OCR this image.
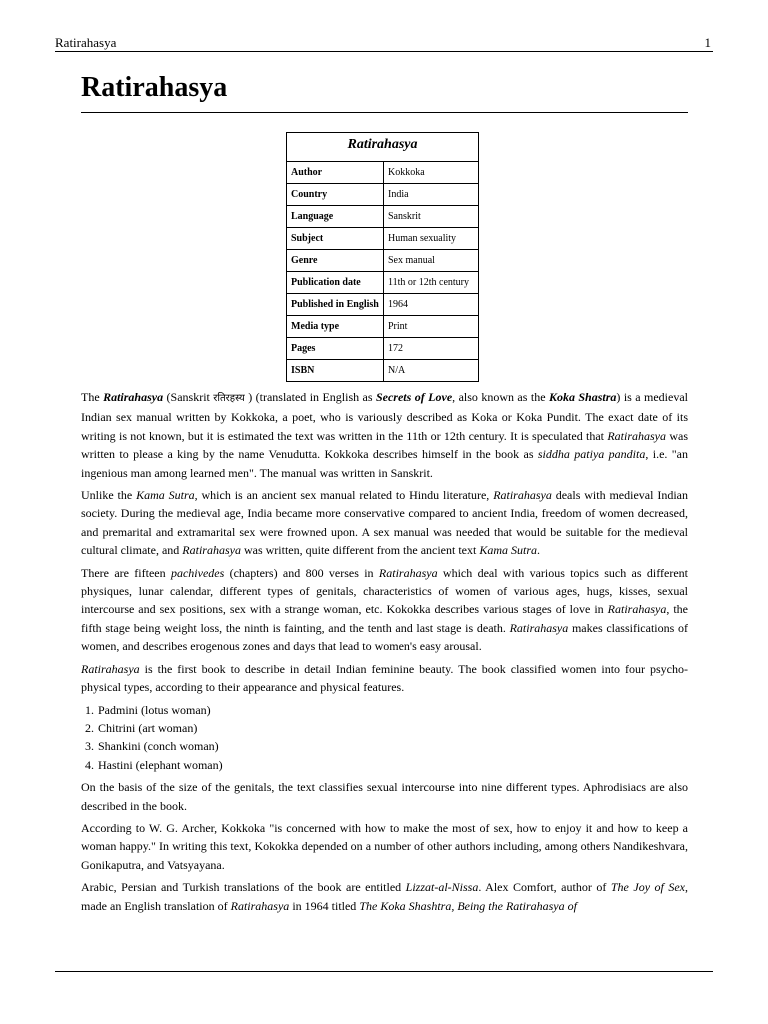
Ratirahasya	1
Ratirahasya
Ratirahasya
Author	Kokkoka
Country	India
Language	Sanskrit
Subject	Human sexuality
Genre	Sex manual
Publication date	11th or 12th century
Published in English	1964
Media type	Print
Pages	172
ISBN	N/A

The Ratirahasya (Sanskrit रतिरहस्य ) (translated in English as Secrets of Love, also known as the Koka Shastra) is a medieval Indian sex manual written by Kokkoka, a poet, who is variously described as Koka or Koka Pundit. The exact date of its writing is not known, but it is estimated the text was written in the 11th or 12th century. It is speculated that Ratirahasya was written to please a king by the name Venudutta. Kokkoka describes himself in the book as siddha patiya pandita, i.e. "an ingenious man among learned men". The manual was written in Sanskrit.

Unlike the Kama Sutra, which is an ancient sex manual related to Hindu literature, Ratirahasya deals with medieval Indian society. During the medieval age, India became more conservative compared to ancient India, freedom of women decreased, and premarital and extramarital sex were frowned upon. A sex manual was needed that would be suitable for the medieval cultural climate, and Ratirahasya was written, quite different from the ancient text Kama Sutra.

There are fifteen pachivedes (chapters) and 800 verses in Ratirahasya which deal with various topics such as different physiques, lunar calendar, different types of genitals, characteristics of women of various ages, hugs, kisses, sexual intercourse and sex positions, sex with a strange woman, etc. Kokokka describes various stages of love in Ratirahasya, the fifth stage being weight loss, the ninth is fainting, and the tenth and last stage is death. Ratirahasya makes classifications of women, and describes erogenous zones and days that lead to women's easy arousal.

Ratirahasya is the first book to describe in detail Indian feminine beauty. The book classified women into four psycho-physical types, according to their appearance and physical features.

1. Padmini (lotus woman)
2. Chitrini (art woman)
3. Shankini (conch woman)
4. Hastini (elephant woman)

On the basis of the size of the genitals, the text classifies sexual intercourse into nine different types. Aphrodisiacs are also described in the book.

According to W. G. Archer, Kokkoka "is concerned with how to make the most of sex, how to enjoy it and how to keep a woman happy." In writing this text, Kokokka depended on a number of other authors including, among others Nandikeshvara, Gonikaputra, and Vatsyayana.

Arabic, Persian and Turkish translations of the book are entitled Lizzat-al-Nissa. Alex Comfort, author of The Joy of Sex, made an English translation of Ratirahasya in 1964 titled The Koka Shashtra, Being the Ratirahasya of
